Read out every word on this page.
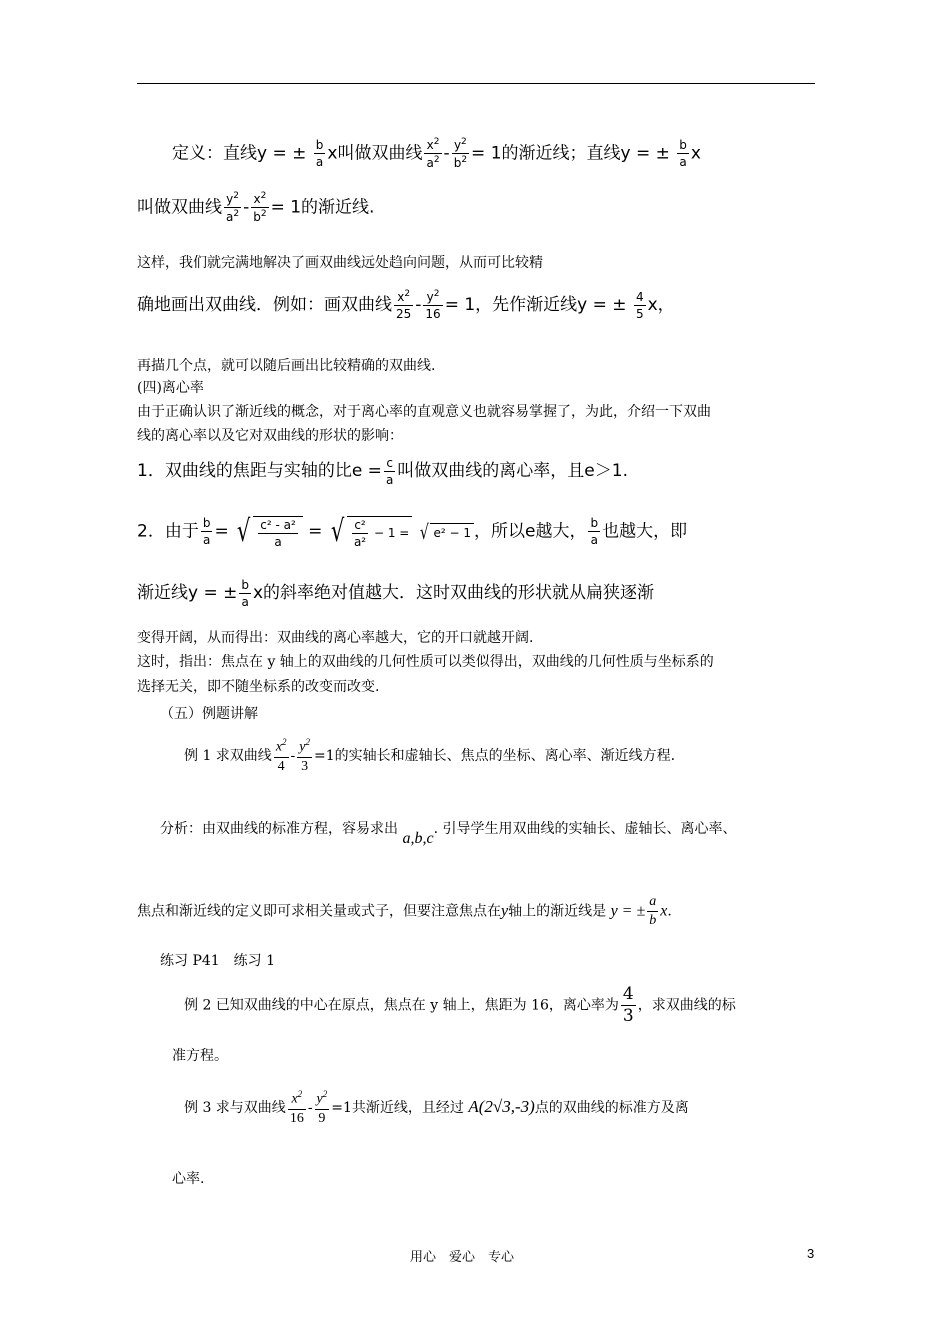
定义：直线y = ± $\frac{b}{a}$ x叫做双曲线 $\frac{x^2}{a^2} - \frac{y^2}{b^2} = 1$的渐近线；直线y = ± $\frac{b}{a}$ x
叫做双曲线 $\frac{y^2}{a^2} - \frac{x^2}{b^2} = 1$的渐近线.
这样，我们就完满地解决了画双曲线远处趋向问题，从而可比较精
确地画出双曲线．例如：画双曲线 $\frac{x^2}{25} - \frac{y^2}{16} = 1$，先作渐近线y = ± $\frac{4}{5}$ x，
再描几个点，就可以随后画出比较精确的双曲线.
(四)离心率
由于正确认识了渐近线的概念，对于离心率的直观意义也就容易掌握了，为此，介绍一下双曲
线的离心率以及它对双曲线的形状的影响：
1．双曲线的焦距与实轴的比$e = \frac{c}{a}$ 叫做双曲线的离心率，且e＞1.
2．由于 $\frac{b}{a}$ = √ $\frac{\text{c² - a²}}{a}$ = √ $\frac{\text{c²}}{\text{a²}} - 1$ = √ e² − 1 ，所以e越大， $\frac{b}{a}$ 也越大，即
渐近线y = ± $\frac{b}{a}$ x的斜率绝对值越大．这时双曲线的形状就从扁狭逐渐
变得开阔，从而得出：双曲线的离心率越大，它的开口就越开阔.
这时，指出：焦点在 y 轴上的双曲线的几何性质可以类似得出，双曲线的几何性质与坐标系的
选择无关，即不随坐标系的改变而改变.
（五）例题讲解
例 1 求双曲线 $\frac{x^2}{4} - \frac{y^2}{3} =1$的实轴长和虚轴长、焦点的坐标、离心率、渐近线方程.
分析：由双曲线的标准方程，容易求出 a,b,c. 引导学生用双曲线的实轴长、虚轴长、离心率、
焦点和渐近线的定义即可求相关量或式子，但要注意焦点在y轴上的渐近线是 y = ± $\frac{a}{b} x$.
练习 P41　练习 1
例 2 已知双曲线的中心在原点，焦点在 y 轴上，焦距为 16，离心率为 $\frac{4}{3}$ ，求双曲线的标
准方程。
例 3 求与双曲线 $\frac{x^2}{16} - \frac{y^2}{9} =1$共渐近线，且经过 A(2√3,-3)点的双曲线的标准方及离
心率.
用心　爱心　专心	3
